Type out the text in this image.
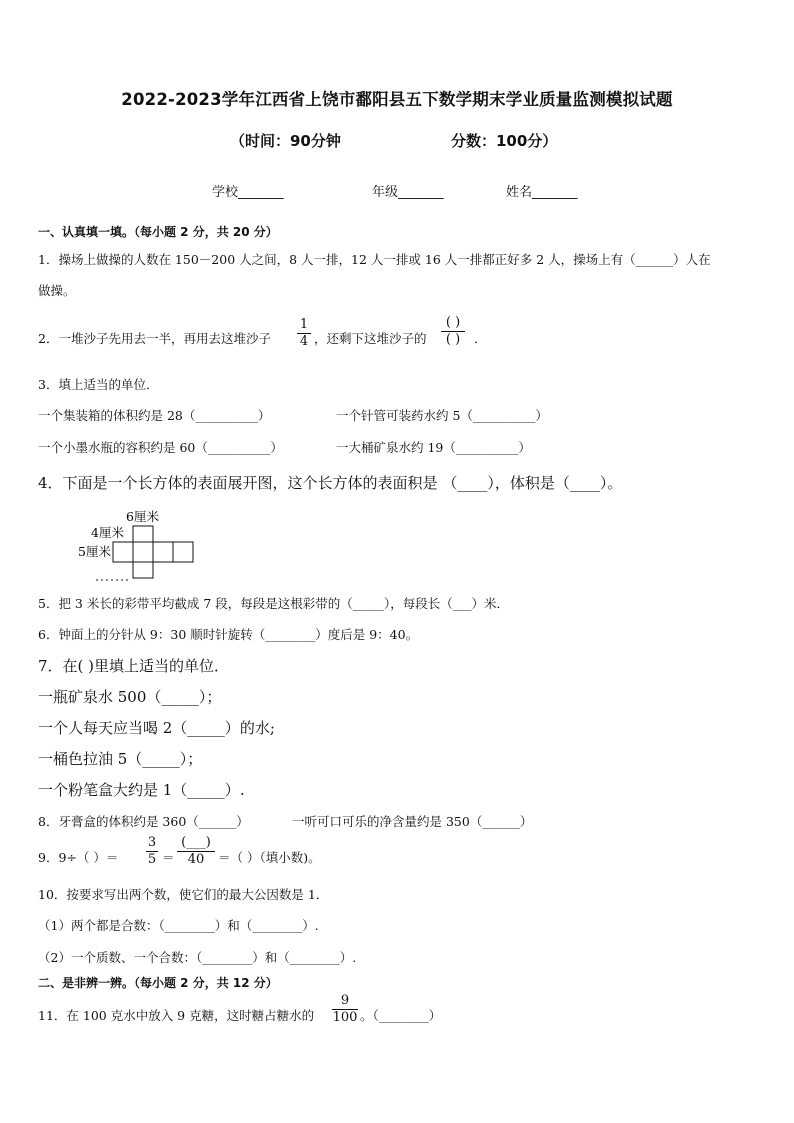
2022-2023学年江西省上饶市鄱阳县五下数学期末学业质量监测模拟试题
（时间：90分钟	分数：100分）
学校_______	年级_______	姓名_______
一、认真填一填。（每小题 2 分，共 20 分）
1．操场上做操的人数在 150－200 人之间，8 人一排，12 人一排或 16 人一排都正好多 2 人，操场上有（______）人在
做操。
2．一堆沙子先用去一半，再用去这堆沙子
1
4 ，还剩下这堆沙子的
( )
( )	．
3．填上适当的单位．
一个集装箱的体积约是 28（__________）	一个针管可装药水约 5（__________）
一个小墨水瓶的容积约是 60（__________）	一大桶矿泉水约 19（__________）
4．下面是一个长方体的表面展开图，这个长方体的表面积是 （____），体积是（____）。
6厘米
4厘米
5厘米
5．把 3 米长的彩带平均截成 7 段，每段是这根彩带的（_____），每段长（___）米．
6．钟面上的分针从 9：30 顺时针旋转（________）度后是 9：40。
7．在( )里填上适当的单位．
一瓶矿泉水 500（_____）；
一个人每天应当喝 2（_____）的水;
一桶色拉油 5（_____）；
一个粉笔盒大约是 1（_____）.
8．牙膏盒的体积约是 360（______）	一听可口可乐的净含量约是 350（______）
9．9÷（ ）＝
3
5 ＝
(___)
40	＝（ ）（填小数)。
10．按要求写出两个数，使它们的最大公因数是 1．
（1）两个都是合数：（________）和（________）.
（2）一个质数、一个合数：（________）和（________）.
二、是非辨一辨。（每小题 2 分，共 12 分）
11．在 100 克水中放入 9 克糖，这时糖占糖水的
9
100 。（________）
